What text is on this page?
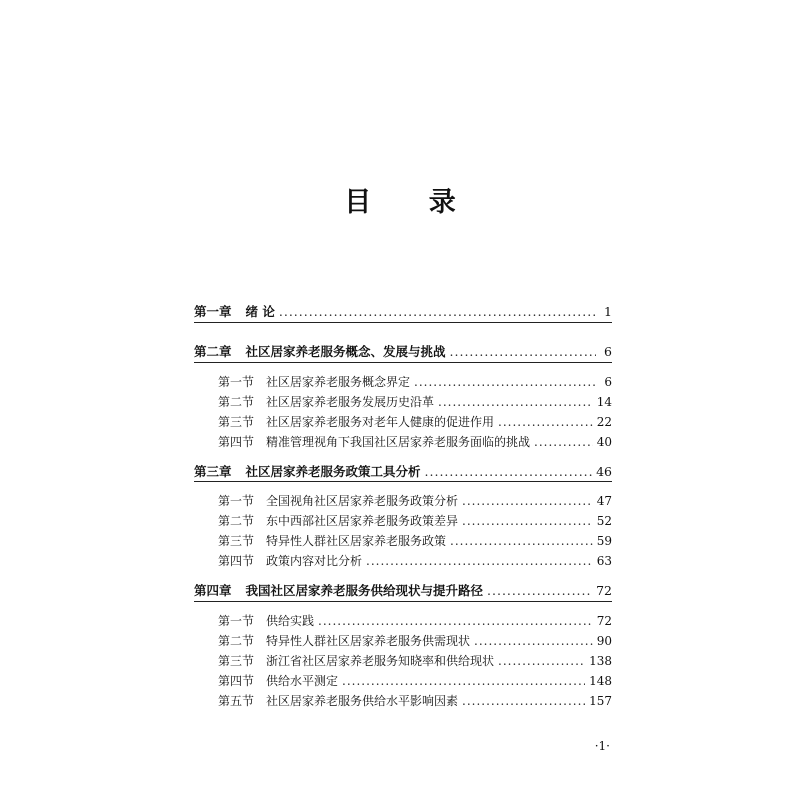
目 录
第一章 绪 论 .....	1
第二章 社区居家养老服务概念、发展与挑战 .....	6
第一节 社区居家养老服务概念界定 .....	6
第二节 社区居家养老服务发展历史沿革 .....	14
第三节 社区居家养老服务对老年人健康的促进作用 .....	22
第四节 精准管理视角下我国社区居家养老服务面临的挑战 .....	40
第三章 社区居家养老服务政策工具分析 .....	46
第一节 全国视角社区居家养老服务政策分析 .....	47
第二节 东中西部社区居家养老服务政策差异 .....	52
第三节 特异性人群社区居家养老服务政策 .....	59
第四节 政策内容对比分析 .....	63
第四章 我国社区居家养老服务供给现状与提升路径 .....	72
第一节 供给实践 .....	72
第二节 特异性人群社区居家养老服务供需现状 .....	90
第三节 浙江省社区居家养老服务知晓率和供给现状 .....	138
第四节 供给水平测定 .....	148
第五节 社区居家养老服务供给水平影响因素 .....	157
·1·
